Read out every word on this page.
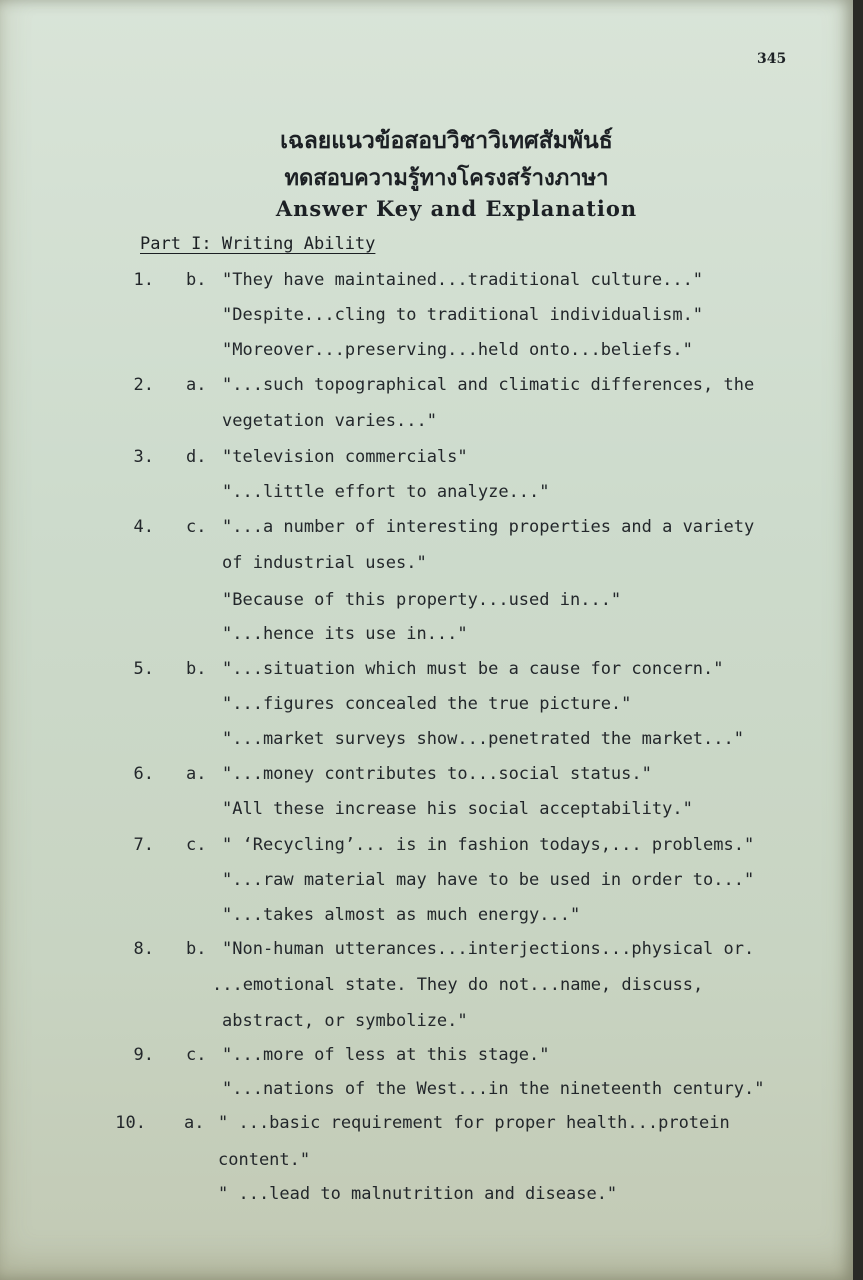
345
เฉลยแนวข้อสอบวิชาวิเทศสัมพันธ์
ทดสอบความรู้ทางโครงสร้างภาษา
Answer Key and Explanation
Part I: Writing Ability
1. b. "They have maintained...traditional culture..."
"Despite...cling to traditional individualism."
"Moreover...preserving...held onto...beliefs."
2. a. "...such topographical and climatic differences, the
vegetation varies..."
3. d. "television commercials"
"...little effort to analyze..."
4. c. "...a number of interesting properties and a variety
of industrial uses."
"Because of this property...used in..."
"...hence its use in..."
5. b. "...situation which must be a cause for concern."
"...figures concealed the true picture."
"...market surveys show...penetrated the market..."
6. a. "...money contributes to...social status."
"All these increase his social acceptability."
7. c. " ‘Recycling’... is in fashion todays,... problems."
"...raw material may have to be used in order to..."
"...takes almost as much energy..."
8. b. "Non-human utterances...interjections...physical or.
...emotional state. They do not...name, discuss,
abstract, or symbolize."
9. c. "...more of less at this stage."
"...nations of the West...in the nineteenth century."
10. a. " ...basic requirement for proper health...protein
content."
" ...lead to malnutrition and disease."
